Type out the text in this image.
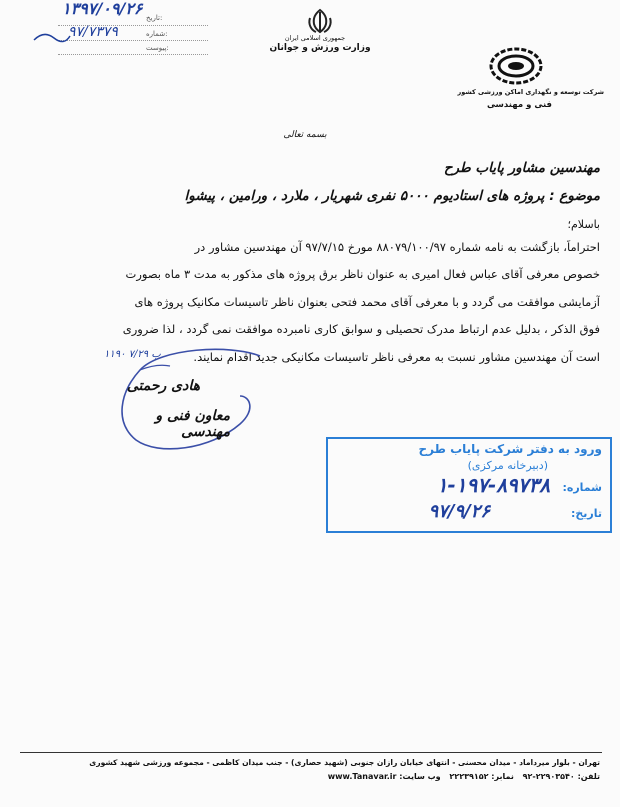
۱۳۹۷/۰۹/۲۶ تاریخ:
۹۷/۷۳۷۹	شماره:
پیوست:
جمهوری اسلامی ایران
وزارت ورزش و جوانان
شرکت توسعه و نگهداری اماکن ورزشی کشور
فنی و مهندسی
بسمه تعالی
مهندسین مشاور پایاب طرح
موضوع : پروژه های استادیوم ۵۰۰۰ نفری شهریار ، ملارد ، ورامین ، پیشوا
باسلام؛
احتراماً، بازگشت به نامه شماره ۸۸۰۷۹/۱۰۰/۹۷ مورخ ۹۷/۷/۱۵ آن مهندسین مشاور در
خصوص معرفی آقای عباس فعال امیری به عنوان ناظر برق پروژه های مذکور به مدت ۳ ماه بصورت
آزمایشی موافقت می گردد و با معرفی آقای محمد فتحی بعنوان ناظر تاسیسات مکانیک پروژه های
فوق الذکر ، بدلیل عدم ارتباط مدرک تحصیلی و سوابق کاری نامبرده موافقت نمی گردد ، لذا ضروری
است آن مهندسین مشاور نسبت به معرفی ناظر تاسیسات مکانیکی جدید اقدام نمایند.
۱۱۹۰ ب ۷/۲۹
هادی رحمتی
معاون فنی و مهندسی
ورود به دفتر شرکت پایاب طرح
(دبیرخانه مرکزی)
شماره:
۱-۱۹۷-۸۹۷۳۸
تاریخ:
۹۷/۹/۲۶
تهران - بلوار میرداماد - میدان محسنی - انتهای خیابان رازان جنوبی (شهید حصاری) - جنب میدان کاظمی - مجموعه ورزشی شهید کشوری
تلفن: ۲۲۹۰۳۵۴۰-۹۲ نمابر: ۲۲۲۳۹۱۵۲ وب سایت: www.Tanavar.ir
